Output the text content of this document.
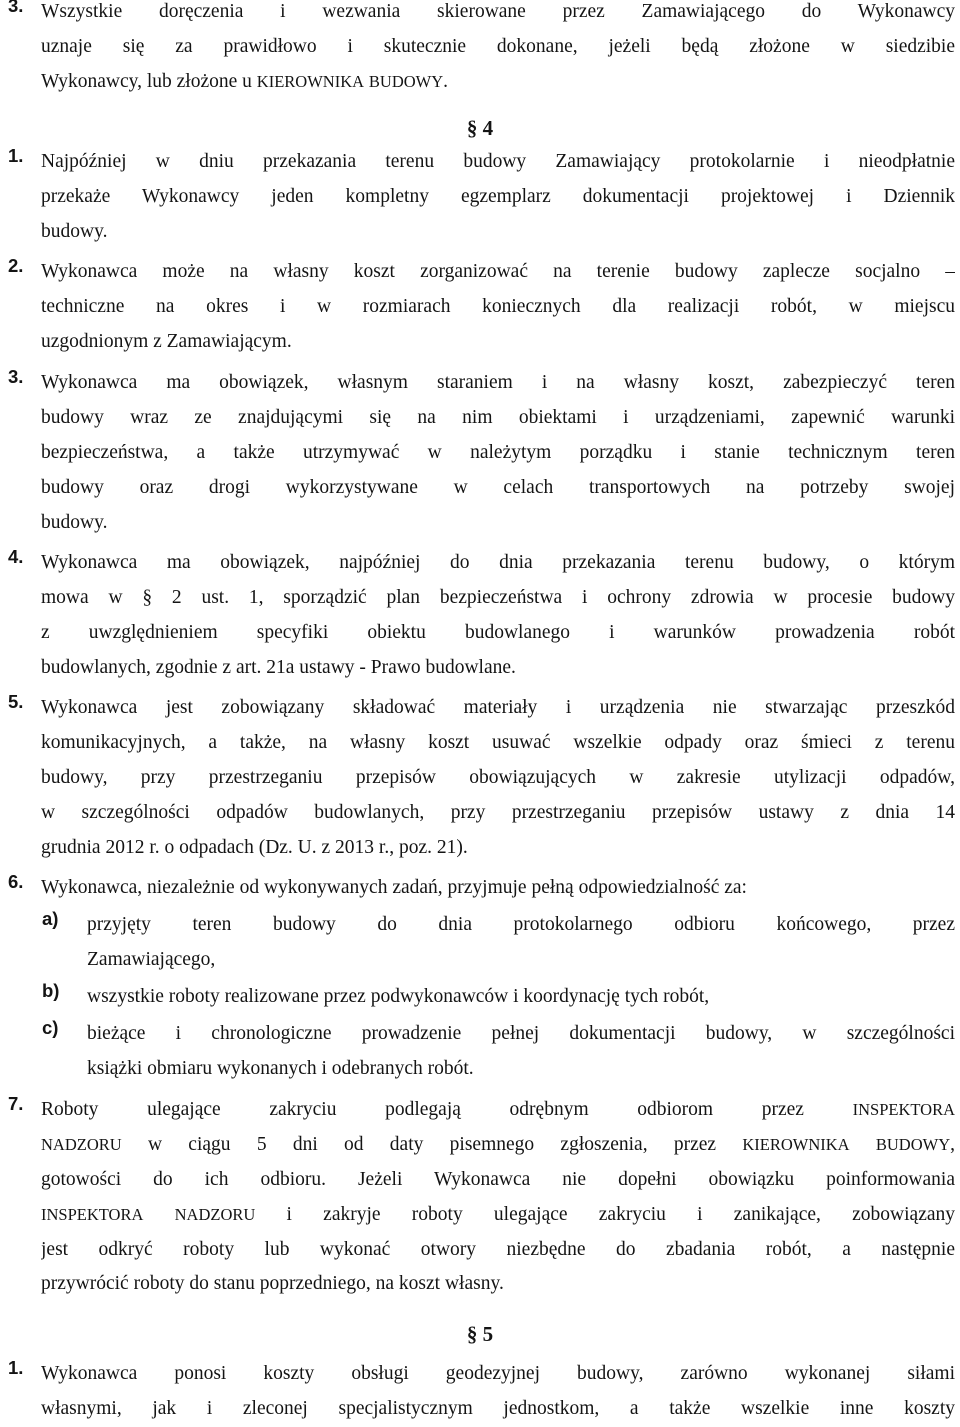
3. Wszystkie doręczenia i wezwania skierowane przez Zamawiającego do Wykonawcy
uznaje się za prawidłowo i skutecznie dokonane, jeżeli będą złożone w siedzibie
Wykonawcy, lub złożone u KIEROWNIKA BUDOWY.
§ 4
1. Najpóźniej w dniu przekazania terenu budowy Zamawiający protokolarnie i nieodpłatnie
przekaże Wykonawcy jeden kompletny egzemplarz dokumentacji projektowej i Dziennik
budowy.
2. Wykonawca może na własny koszt zorganizować na terenie budowy zaplecze socjalno –
techniczne na okres i w rozmiarach koniecznych dla realizacji robót, w miejscu
uzgodnionym z Zamawiającym.
3. Wykonawca ma obowiązek, własnym staraniem i na własny koszt, zabezpieczyć teren
budowy wraz ze znajdującymi się na nim obiektami i urządzeniami, zapewnić warunki
bezpieczeństwa, a także utrzymywać w należytym porządku i stanie technicznym teren
budowy oraz drogi wykorzystywane w celach transportowych na potrzeby swojej
budowy.
4. Wykonawca ma obowiązek, najpóźniej do dnia przekazania terenu budowy, o którym
mowa w § 2 ust. 1, sporządzić plan bezpieczeństwa i ochrony zdrowia w procesie budowy
z uwzględnieniem specyfiki obiektu budowlanego i warunków prowadzenia robót
budowlanych, zgodnie z art. 21a ustawy - Prawo budowlane.
5. Wykonawca jest zobowiązany składować materiały i urządzenia nie stwarzając przeszkód
komunikacyjnych, a także, na własny koszt usuwać wszelkie odpady oraz śmieci z terenu
budowy, przy przestrzeganiu przepisów obowiązujących w zakresie utylizacji odpadów,
w szczególności odpadów budowlanych, przy przestrzeganiu przepisów ustawy z dnia 14
grudnia 2012 r. o odpadach (Dz. U. z 2013 r., poz. 21).
6. Wykonawca, niezależnie od wykonywanych zadań, przyjmuje pełną odpowiedzialność za:
a)	przyjęty teren budowy do dnia protokolarnego odbioru końcowego, przez
Zamawiającego,
b)	wszystkie roboty realizowane przez podwykonawców i koordynację tych robót,
c)	bieżące i chronologiczne prowadzenie pełnej dokumentacji budowy, w szczególności
książki obmiaru wykonanych i odebranych robót.
7. Roboty ulegające zakryciu podlegają odrębnym odbiorom przez INSPEKTORA
NADZORU w ciągu 5 dni od daty pisemnego zgłoszenia, przez KIEROWNIKA BUDOWY,
gotowości do ich odbioru. Jeżeli Wykonawca nie dopełni obowiązku poinformowania
INSPEKTORA NADZORU i zakryje roboty ulegające zakryciu i zanikające, zobowiązany
jest odkryć roboty lub wykonać otwory niezbędne do zbadania robót, a następnie
przywrócić roboty do stanu poprzedniego, na koszt własny.
§ 5
1. Wykonawca ponosi koszty obsługi geodezyjnej budowy, zarówno wykonanej siłami
własnymi, jak i zleconej specjalistycznym jednostkom, a także wszelkie inne koszty
